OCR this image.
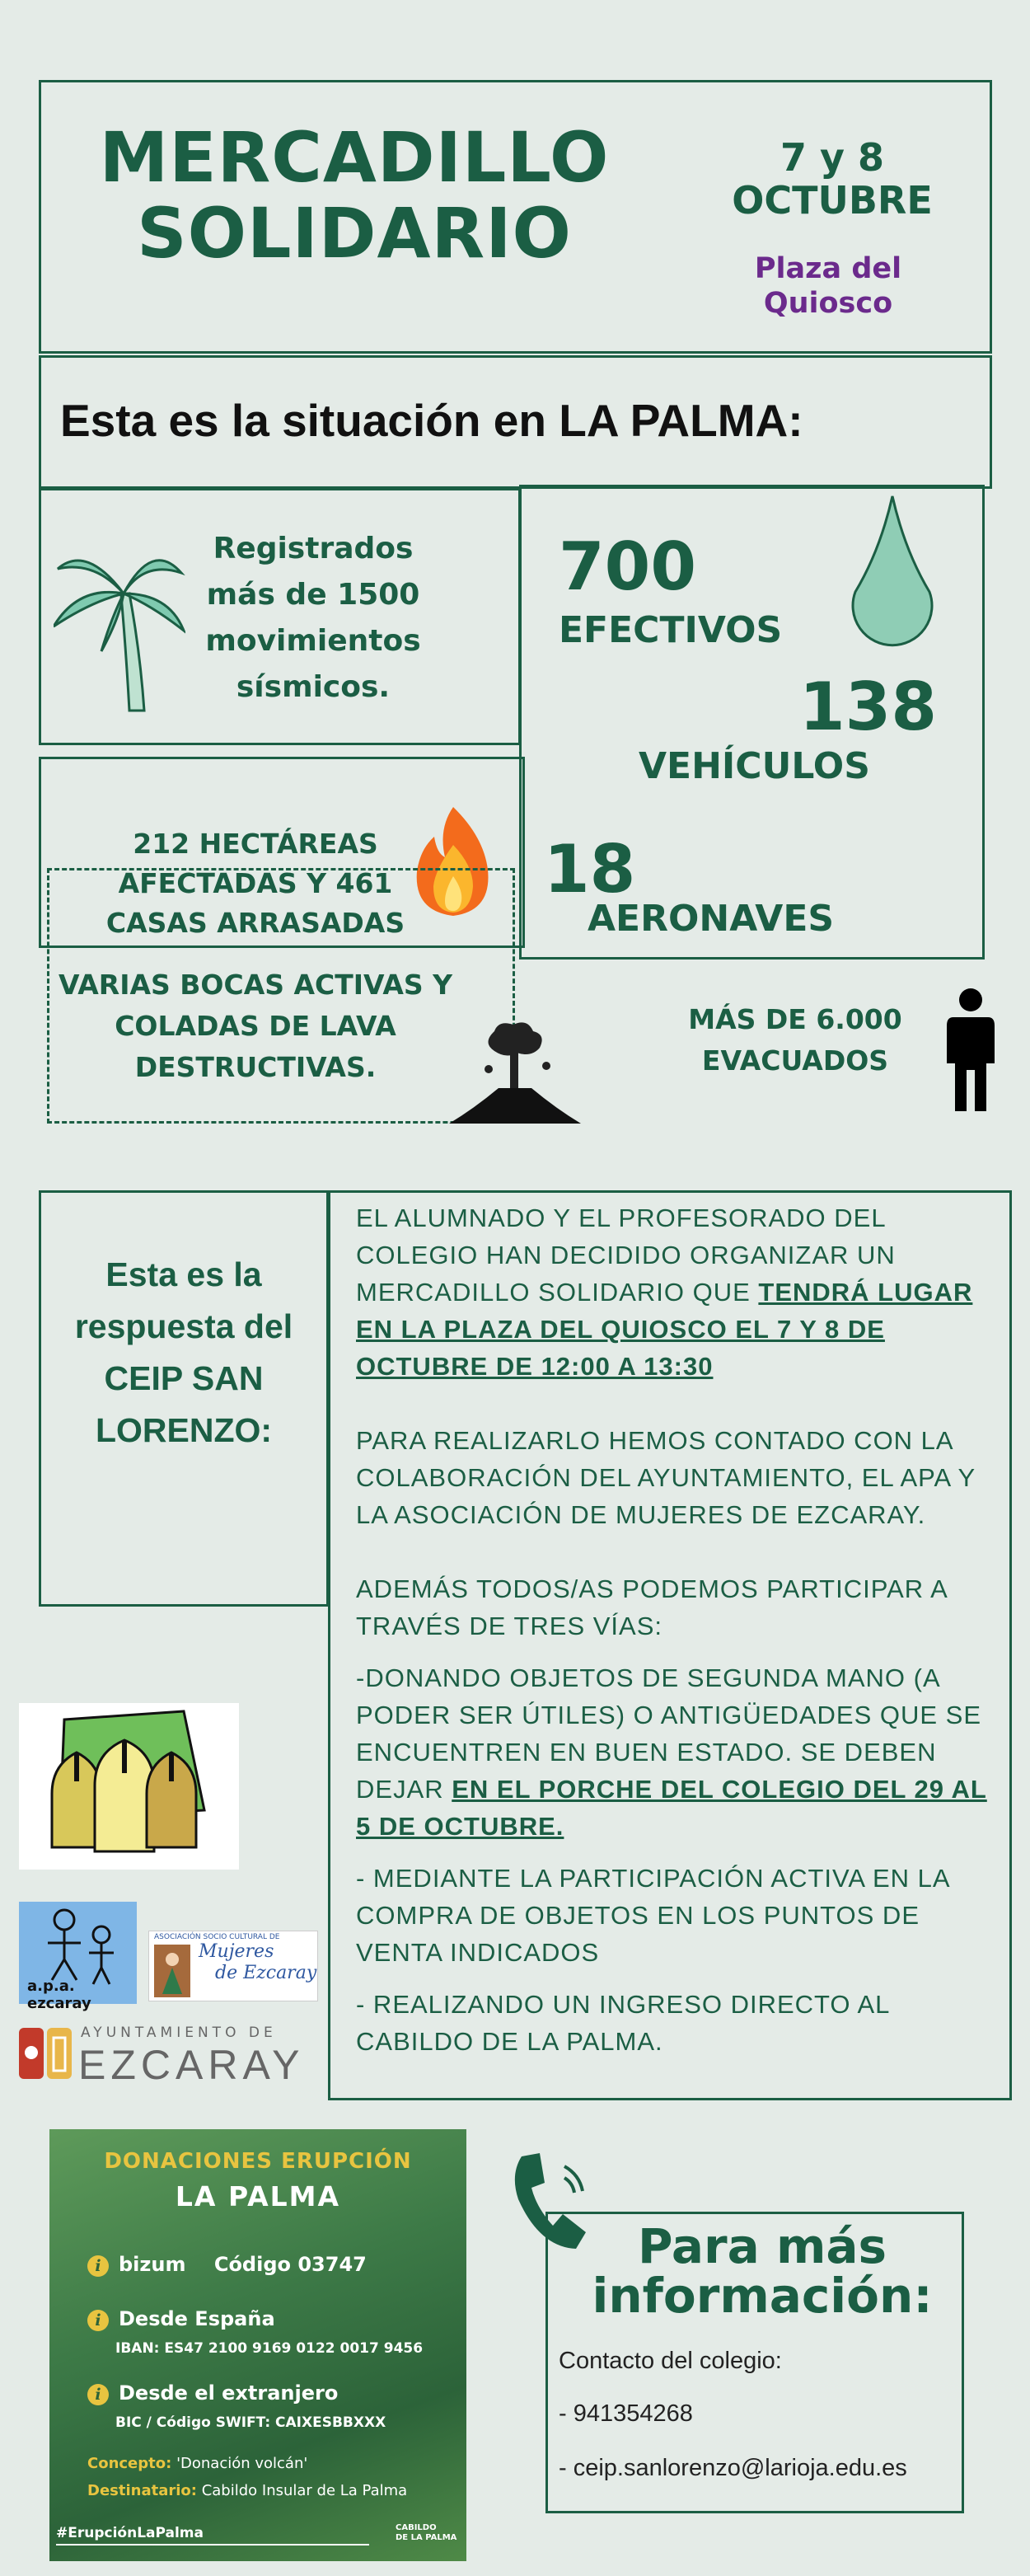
MERCADILLO
SOLIDARIO
7 y 8
OCTUBRE
Plaza del
Quiosco
Esta es la situación en LA PALMA:
Registrados más de 1500 movimientos sísmicos.
700
EFECTIVOS
138
VEHÍCULOS
18
AERONAVES
212 HECTÁREAS AFECTADAS Y 461 CASAS ARRASADAS
VARIAS BOCAS ACTIVAS Y COLADAS DE LAVA DESTRUCTIVAS.
MÁS DE 6.000 EVACUADOS
Esta es la respuesta del CEIP SAN LORENZO:

EL ALUMNADO Y EL PROFESORADO DEL COLEGIO HAN DECIDIDO ORGANIZAR UN MERCADILLO SOLIDARIO QUE TENDRÁ LUGAR EN LA PLAZA DEL QUIOSCO EL 7 Y 8 DE OCTUBRE DE 12:00 A 13:30

PARA REALIZARLO HEMOS CONTADO CON LA COLABORACIÓN DEL AYUNTAMIENTO, EL APA Y LA ASOCIACIÓN DE MUJERES DE EZCARAY.

ADEMÁS TODOS/AS PODEMOS PARTICIPAR A TRAVÉS DE TRES VÍAS:

-DONANDO OBJETOS DE SEGUNDA MANO (A PODER SER ÚTILES) O ANTIGÜEDADES QUE SE ENCUENTREN EN BUEN ESTADO. SE DEBEN DEJAR EN EL PORCHE DEL COLEGIO DEL 29 AL 5 DE OCTUBRE.

- MEDIANTE LA PARTICIPACIÓN ACTIVA EN LA COMPRA DE OBJETOS EN LOS PUNTOS DE VENTA INDICADOS

- REALIZANDO UN INGRESO DIRECTO AL CABILDO DE LA PALMA.

a.p.a. ezcaray
ASOCIACIÓN SOCIO CULTURAL DE
Mujeres
de Ezcaray
AYUNTAMIENTO DE
EZCARAY
DONACIONES ERUPCIÓN
LA PALMA
i bizum Código 03747
i Desde España
IBAN: ES47 2100 9169 0122 0017 9456
i Desde el extranjero
BIC / Código SWIFT: CAIXESBBXXX
Concepto: 'Donación volcán'
Destinatario: Cabildo Insular de La Palma
#ErupciónLaPalma	CABILDO
DE LA PALMA
Para más
información:
Contacto del colegio:
- 941354268
- ceip.sanlorenzo@larioja.edu.es
